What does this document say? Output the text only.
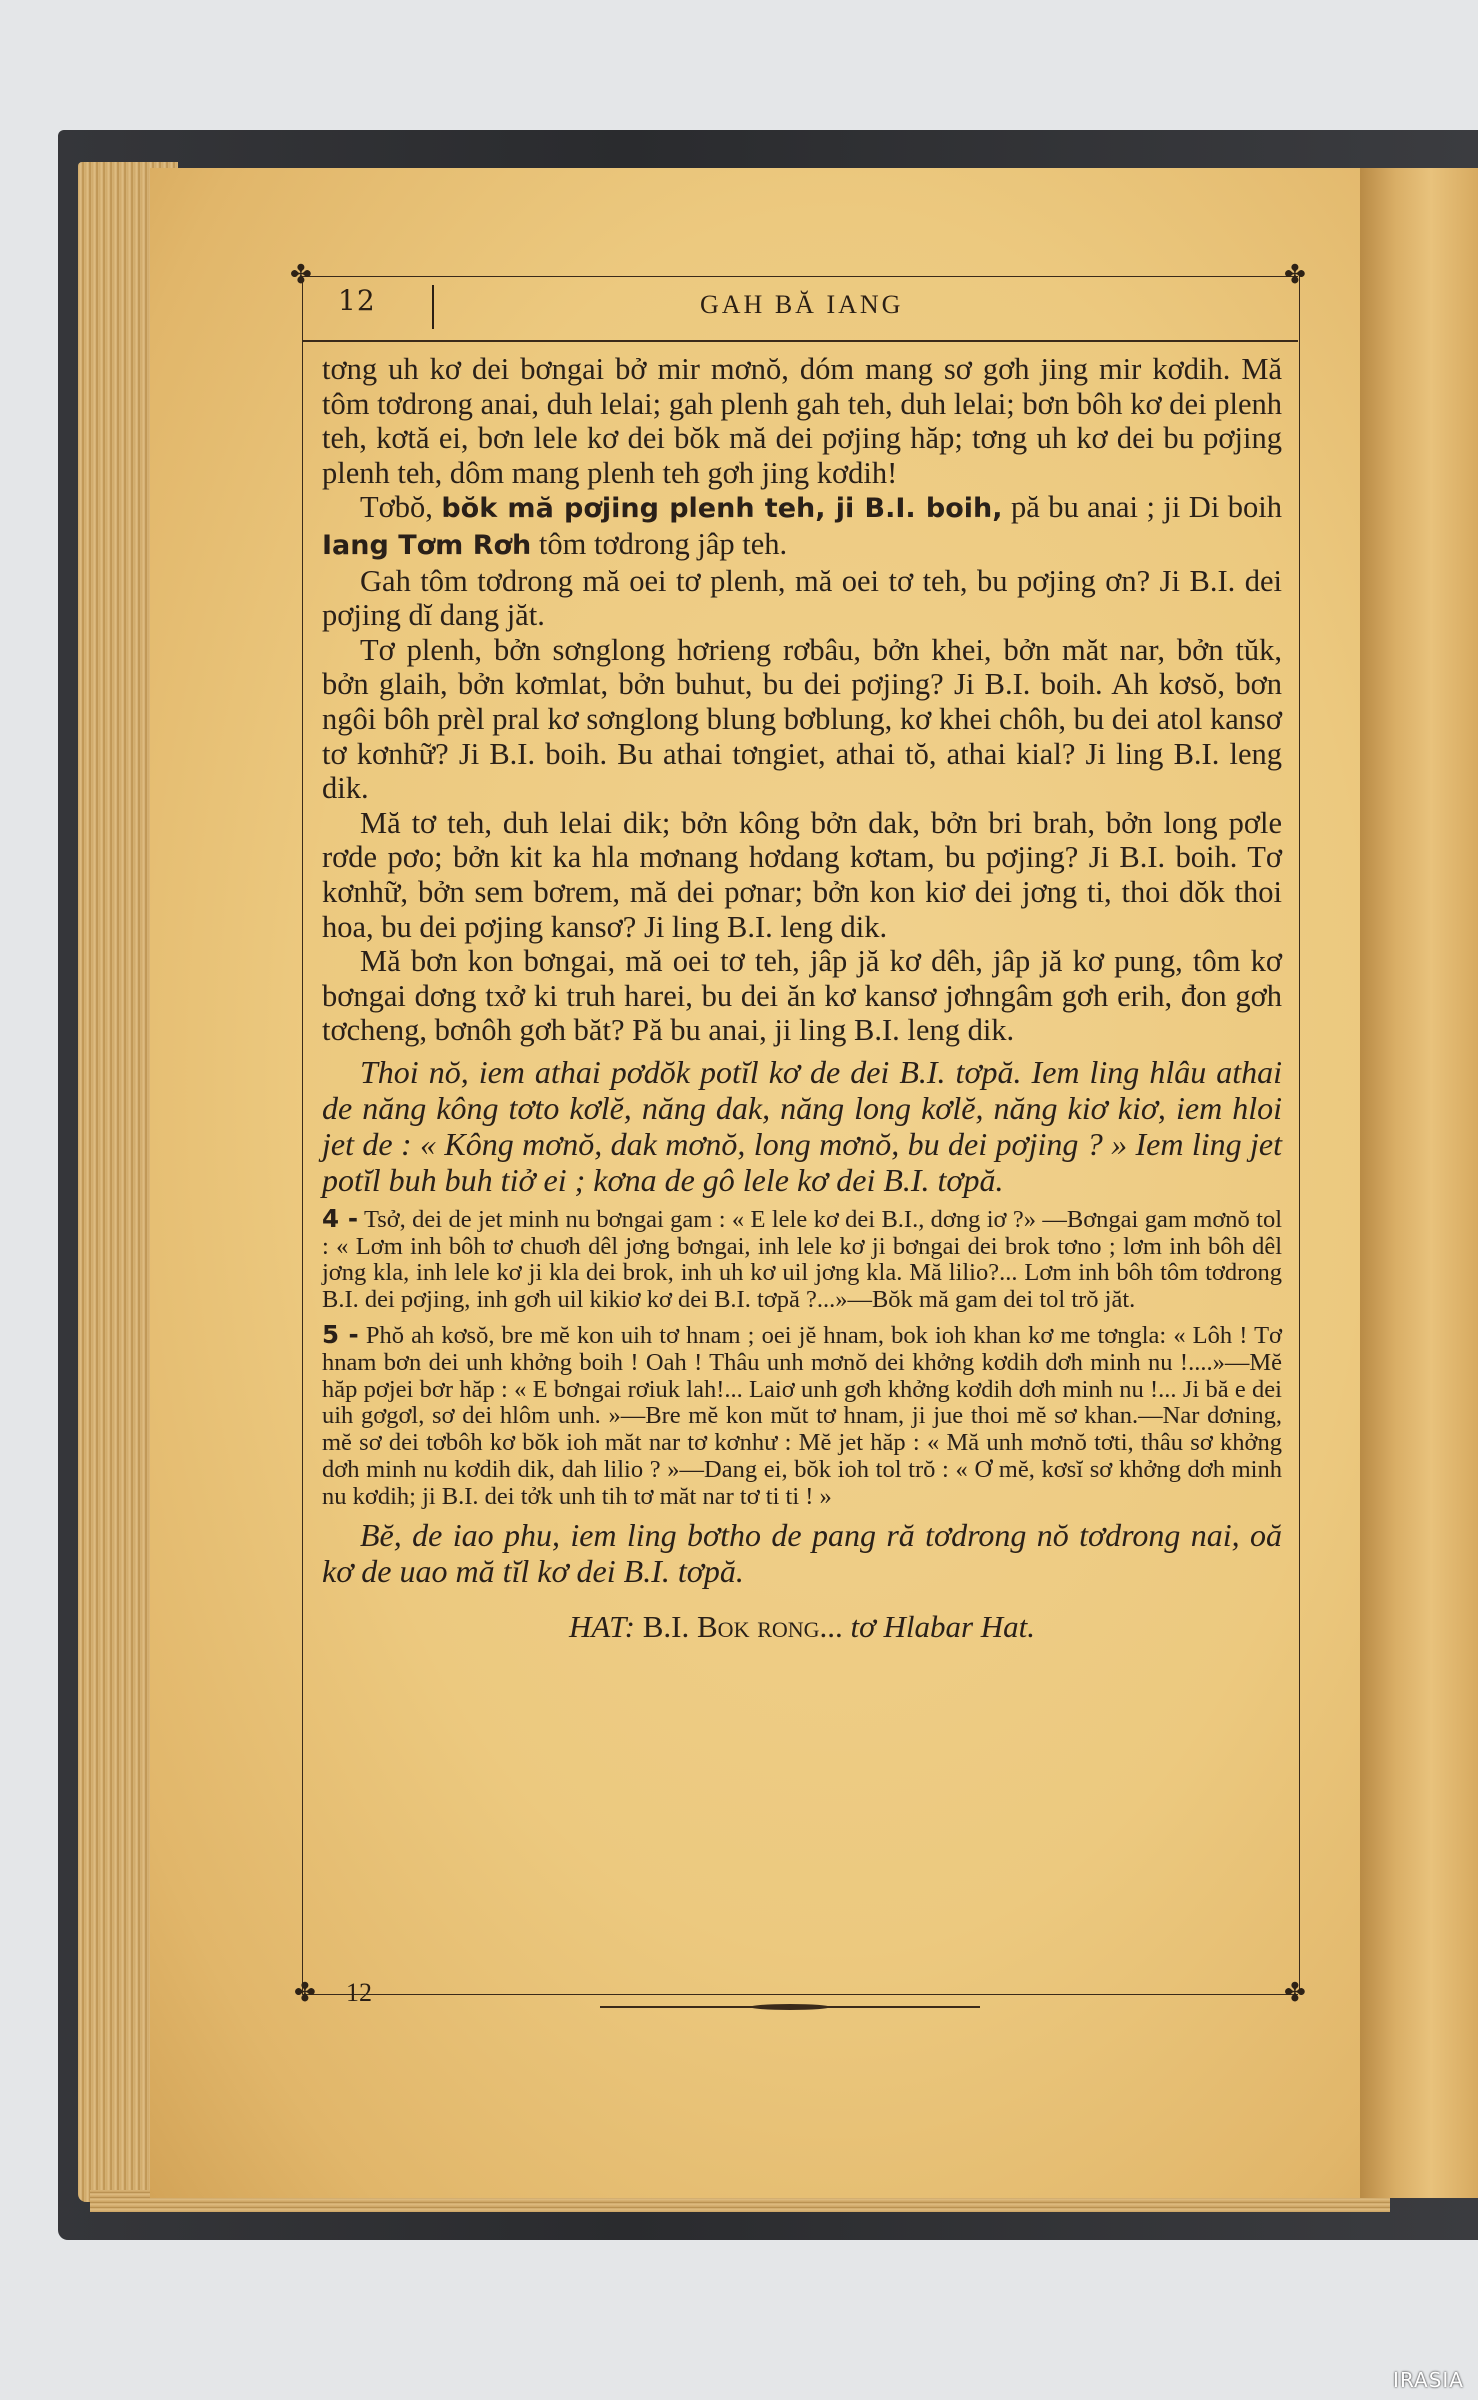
✤	✤
✤	✤
12	GAH BĂ IANG

tơng uh kơ dei bơngai bở mir mơnŏ, dóm mang sơ gơh jing mir kơdih. Mă tôm tơdrong anai, duh lelai; gah plenh gah teh, duh lelai; bơn bôh kơ dei plenh teh, kơtă ei, bơn lele kơ dei bŏk mă dei pơjing hăp; tơng uh kơ dei bu pơjing plenh teh, dôm mang plenh teh gơh jing kơdih!

Tơbŏ, bŏk mă pơjing plenh teh, ji B.I. boih, pă bu anai ; ji Di boih Iang Tơm Rơh tôm tơdrong jâp teh.

Gah tôm tơdrong mă oei tơ plenh, mă oei tơ teh, bu pơjing ơn? Ji B.I. dei pơjing dĭ dang jăt.

Tơ plenh, bởn sơnglong hơrieng rơbâu, bởn khei, bởn măt nar, bởn tŭk, bởn glaih, bởn kơmlat, bởn buhut, bu dei pơjing? Ji B.I. boih. Ah kơsŏ, bơn ngôi bôh prèl pral kơ sơnglong blung bơblung, kơ khei chôh, bu dei atol kansơ tơ kơnhữ? Ji B.I. boih. Bu athai tơngiet, athai tŏ, athai kial? Ji ling B.I. leng dik.

Mă tơ teh, duh lelai dik; bởn kông bởn dak, bởn bri brah, bởn long pơle rơde pơo; bởn kit ka hla mơnang hơdang kơtam, bu pơjing? Ji B.I. boih. Tơ kơnhữ, bởn sem bơrem, mă dei pơnar; bởn kon kiơ dei jơng ti, thoi dŏk thoi hoa, bu dei pơjing kansơ? Ji ling B.I. leng dik.

Mă bơn kon bơngai, mă oei tơ teh, jâp jă kơ dêh, jâp jă kơ pung, tôm kơ bơngai dơng txở ki truh harei, bu dei ăn kơ kansơ jơhngâm gơh erih, đon gơh tơcheng, bơnôh gơh băt? Pă bu anai, ji ling B.I. leng dik.

Thoi nŏ, iem athai pơdŏk potĭl kơ de dei B.I. tơpă. Iem ling hlâu athai de năng kông tơto kơlĕ, năng dak, năng long kơlĕ, năng kiơ kiơ, iem hloi jet de : « Kông mơnŏ, dak mơnŏ, long mơnŏ, bu dei pơjing ? » Iem ling jet potĭl buh buh tiở ei ; kơna de gô lele kơ dei B.I. tơpă.

4 - Tsở, dei de jet minh nu bơngai gam : « E lele kơ dei B.I., dơng iơ ?» —Bơngai gam mơnŏ tol : « Lơm inh bôh tơ chuơh dêl jơng bơngai, inh lele kơ ji bơngai dei brok tơno ; lơm inh bôh dêl jơng kla, inh lele kơ ji kla dei brok, inh uh kơ uil jơng kla. Mă lilio?... Lơm inh bôh tôm tơdrong B.I. dei pơjing, inh gơh uil kikiơ kơ dei B.I. tơpă ?...»—Bŏk mă gam dei tol trŏ jăt.

5 - Phŏ ah kơsŏ, bre mĕ kon uih tơ hnam ; oei jĕ hnam, bok ioh khan kơ me tơngla: « Lôh ! Tơ hnam bơn dei unh khởng boih ! Oah ! Thâu unh mơnŏ dei khởng kơdih dơh minh nu !....»—Mĕ hăp pơjei bơr hăp : « E bơngai rơiuk lah!... Laiơ unh gơh khởng kơdih dơh minh nu !... Ji bă e dei uih gơgơl, sơ dei hlôm unh. »—Bre mĕ kon mŭt tơ hnam, ji jue thoi mĕ sơ khan.—Nar dơning, mĕ sơ dei tơbôh kơ bŏk ioh măt nar tơ kơnhư : Mĕ jet hăp : « Mă unh mơnŏ tơti, thâu sơ khởng dơh minh nu kơdih dik, dah lilio ? »—Dang ei, bŏk ioh tol trŏ : « Ơ mĕ, kơsĭ sơ khởng dơh minh nu kơdih; ji B.I. dei tởk unh tih tơ măt nar tơ ti ti ! »

Bĕ, de iao phu, iem ling bơtho de pang ră tơdrong nŏ tơdrong nai, oă kơ de uao mă tĭl kơ dei B.I. tơpă.

HAT: B.I. Bok rong... tơ Hlabar Hat.

IRASIA
12
